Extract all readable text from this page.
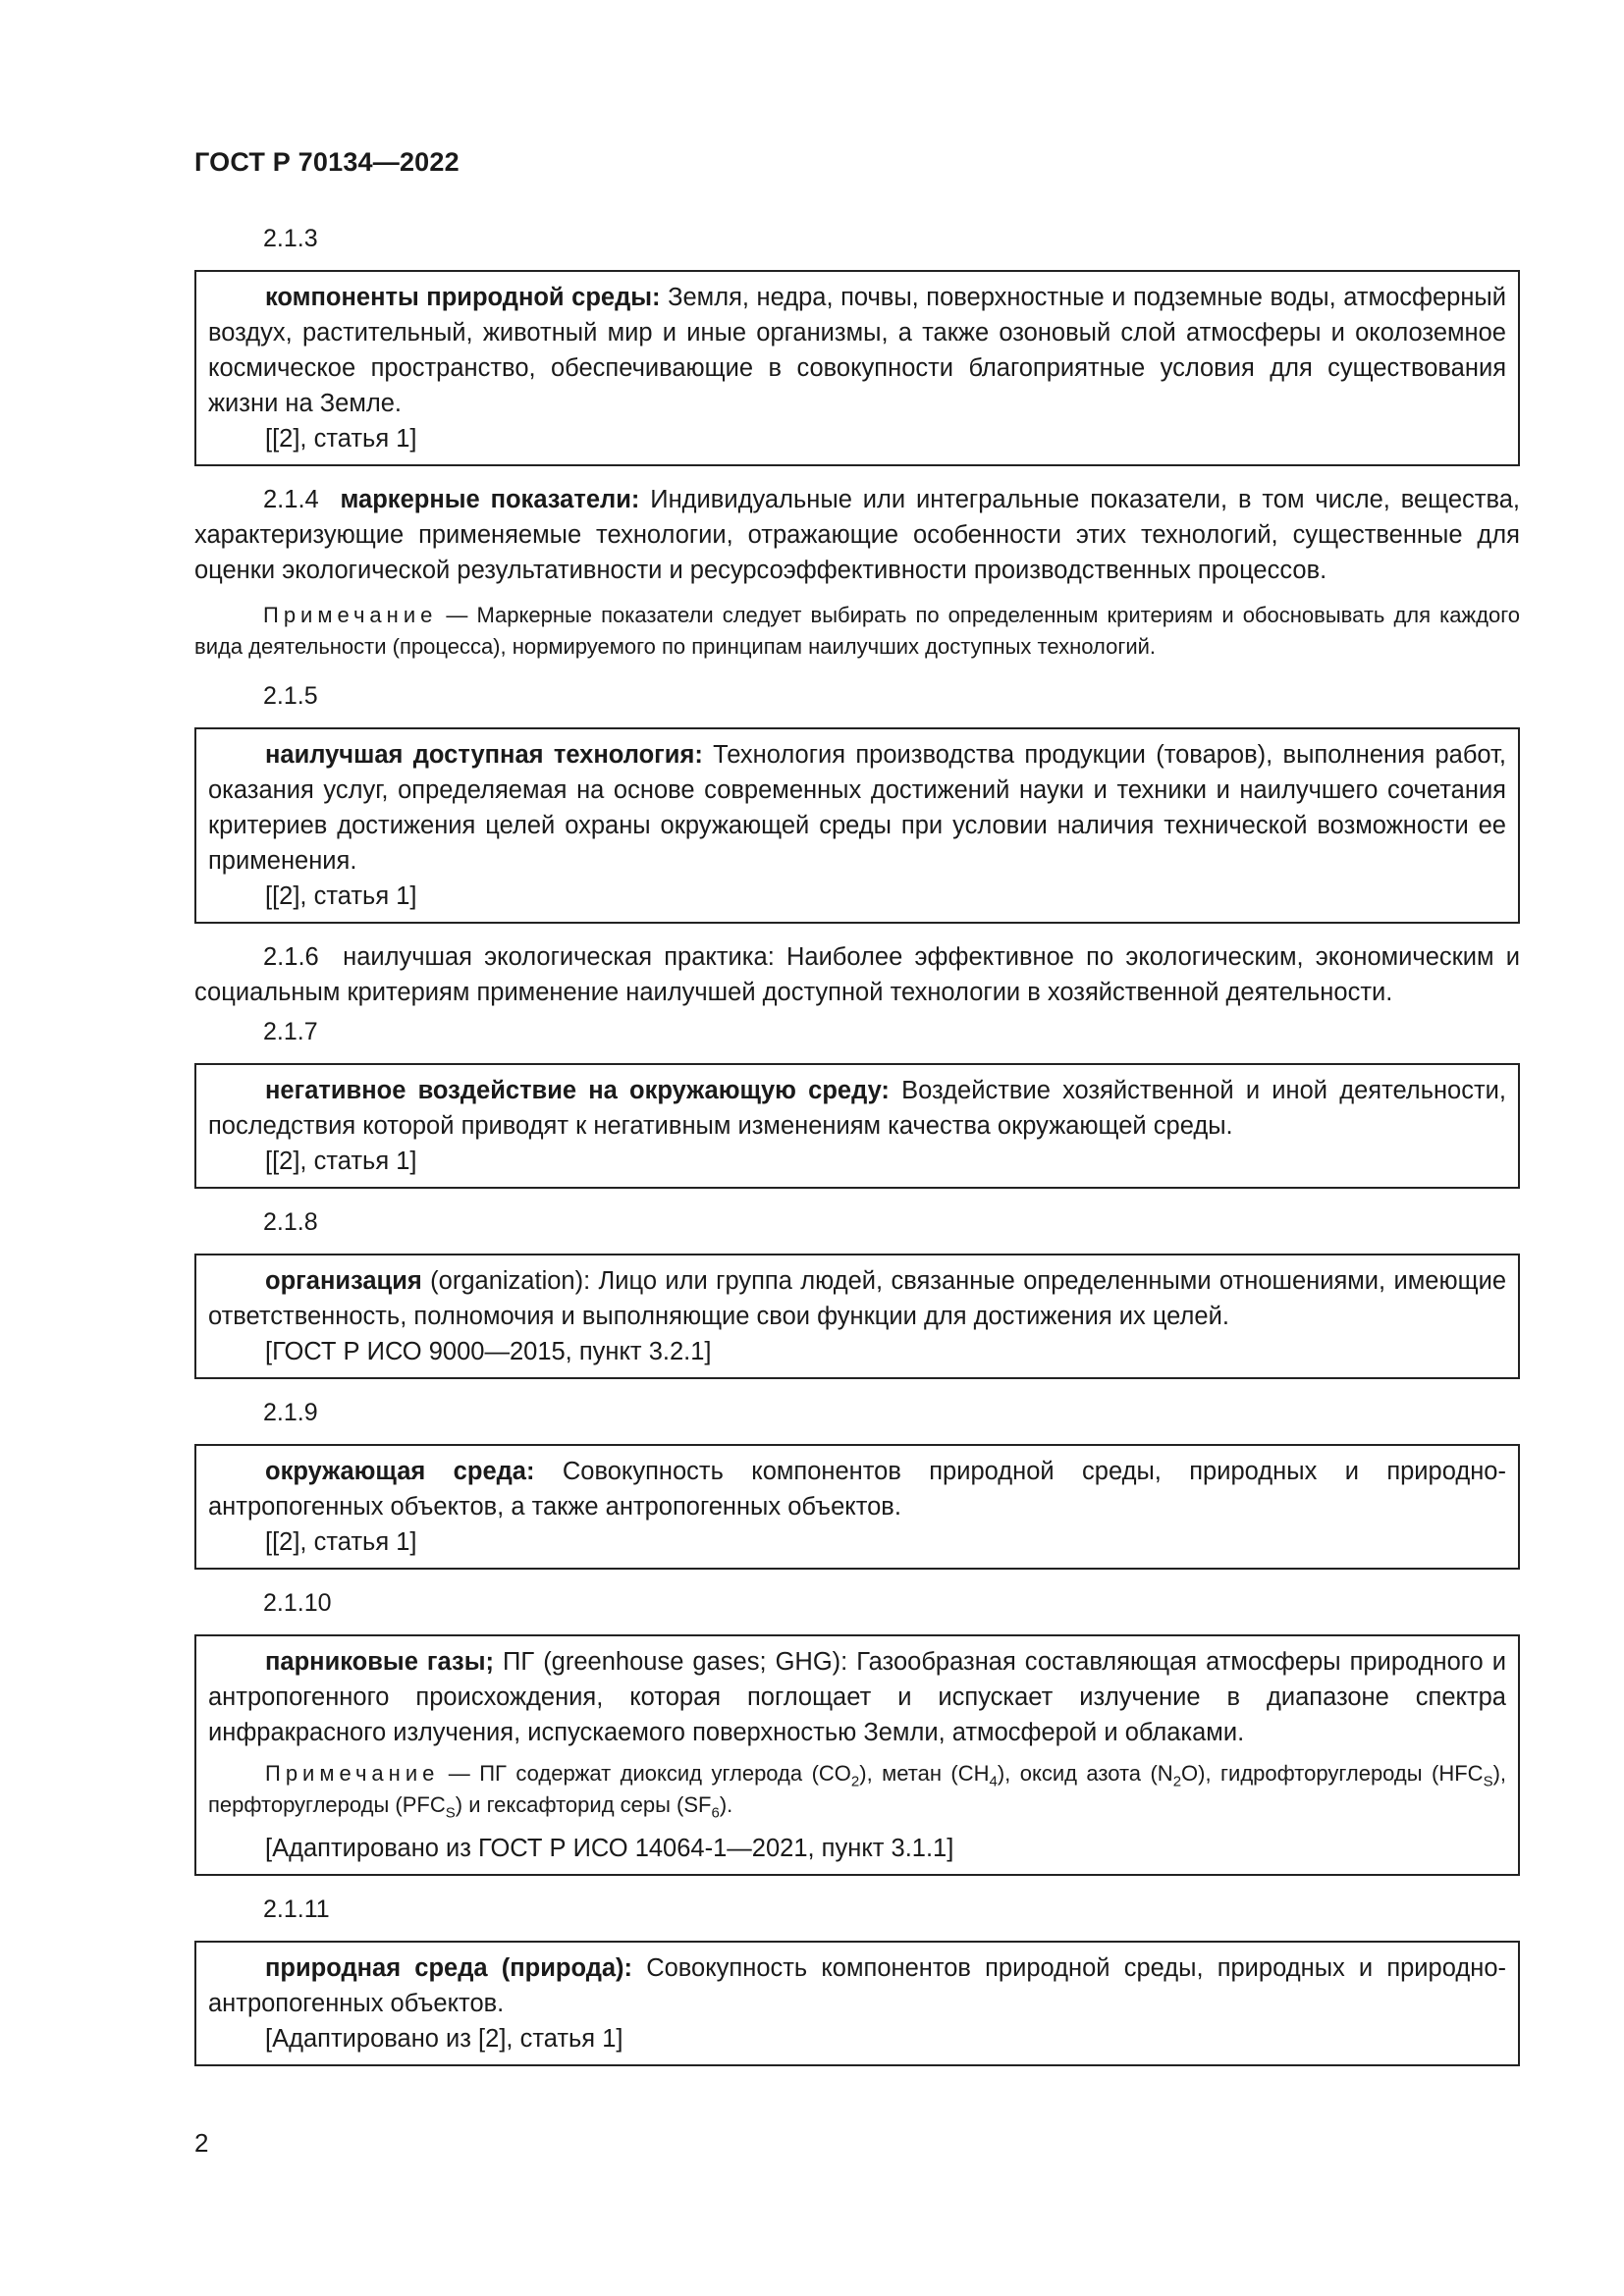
ГОСТ Р 70134—2022
2.1.3

компоненты природной среды: Земля, недра, почвы, поверхностные и подземные воды, атмосферный воздух, растительный, животный мир и иные организмы, а также озоновый слой атмосферы и околоземное космическое пространство, обеспечивающие в совокупности благоприятные условия для существования жизни на Земле.

[[2], статья 1]

2.1.4 маркерные показатели: Индивидуальные или интегральные показатели, в том числе, вещества, характеризующие применяемые технологии, отражающие особенности этих технологий, существенные для оценки экологической результативности и ресурсоэффективности производственных процессов.
Примечание — Маркерные показатели следует выбирать по определенным критериям и обосновывать для каждого вида деятельности (процесса), нормируемого по принципам наилучших доступных технологий.
2.1.5

наилучшая доступная технология: Технология производства продукции (товаров), выполнения работ, оказания услуг, определяемая на основе современных достижений науки и техники и наилучшего сочетания критериев достижения целей охраны окружающей среды при условии наличия технической возможности ее применения.

[[2], статья 1]

2.1.6 наилучшая экологическая практика: Наиболее эффективное по экологическим, экономическим и социальным критериям применение наилучшей доступной технологии в хозяйственной деятельности.
2.1.7

негативное воздействие на окружающую среду: Воздействие хозяйственной и иной деятельности, последствия которой приводят к негативным изменениям качества окружающей среды.

[[2], статья 1]

2.1.8

организация (organization): Лицо или группа людей, связанные определенными отношениями, имеющие ответственность, полномочия и выполняющие свои функции для достижения их целей.

[ГОСТ Р ИСО 9000—2015, пункт 3.2.1]

2.1.9

окружающая среда: Совокупность компонентов природной среды, природных и природно-антропогенных объектов, а также антропогенных объектов.

[[2], статья 1]

2.1.10

парниковые газы; ПГ (greenhouse gases; GHG): Газообразная составляющая атмосферы природного и антропогенного происхождения, которая поглощает и испускает излучение в диапазоне спектра инфракрасного излучения, испускаемого поверхностью Земли, атмосферой и облаками.

Примечание — ПГ содержат диоксид углерода $(CO_2)$, метан $(CH_4)$, оксид азота $(N_2O)$, гидрофторуглероды $(HFC_S)$, перфторуглероды $(PFC_S)$ и гексафторид серы $(SF_6)$.

[Адаптировано из ГОСТ Р ИСО 14064-1—2021, пункт 3.1.1]

2.1.11

природная среда (природа): Совокупность компонентов природной среды, природных и природно-антропогенных объектов.

[Адаптировано из [2], статья 1]

2
